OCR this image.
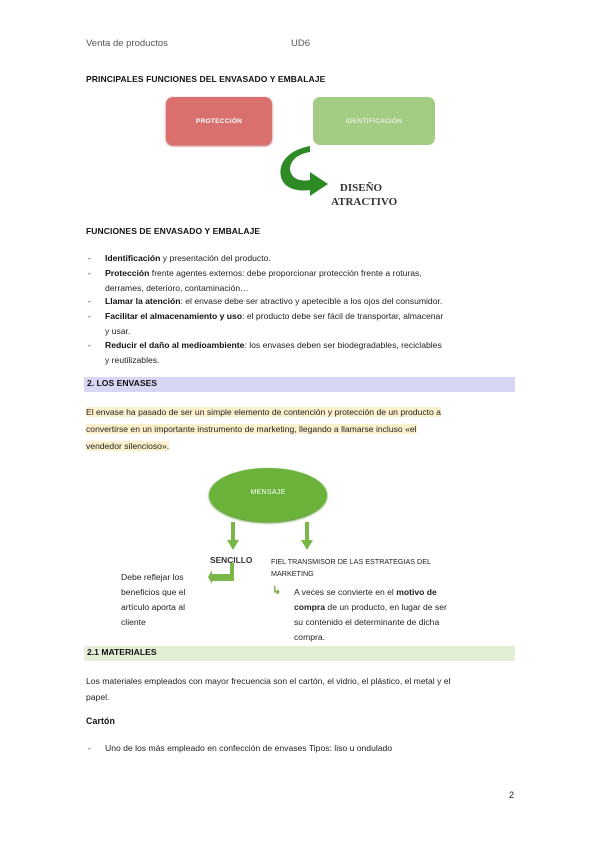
Venta de productos	UD6
PRINCIPALES FUNCIONES DEL ENVASADO Y EMBALAJE
PROTECCIÓN	IDENTIFICACIÓN
DISEÑO
ATRACTIVO
FUNCIONES DE ENVASADO Y EMBALAJE
- Identificación y presentación del producto.
- Protección frente agentes externos: debe proporcionar protección frente a roturas,
derrames, deterioro, contaminación…
- Llamar la atención: el envase debe ser atractivo y apetecible a los ojos del consumidor.
- Facilitar el almacenamiento y uso: el producto debe ser fácil de transportar, almacenar
y usar.
- Reducir el daño al medioambiente: los envases deben ser biodegradables, reciclables
y reutilizables.
2. LOS ENVASES
El envase ha pasado de ser un simple elemento de contención y protección de un producto a
convertirse en un importante instrumento de marketing, llegando a llamarse incluso «el
vendedor silencioso».
MENSAJE
SENCILLO	FIEL TRANSMISOR DE LAS ESTRATEGIAS DEL
MARKETING
↳
Debe reflejar los
beneficios que el
artículo aporta al
cliente
A veces se convierte en el motivo de
compra de un producto, en lugar de ser
su contenido el determinante de dicha
compra.
2.1 MATERIALES
Los materiales empleados con mayor frecuencia son el cartón, el vidrio, el plástico, el metal y el
papel.
Cartón
- Uno de los más empleado en confección de envases Tipos: liso u ondulado
2
